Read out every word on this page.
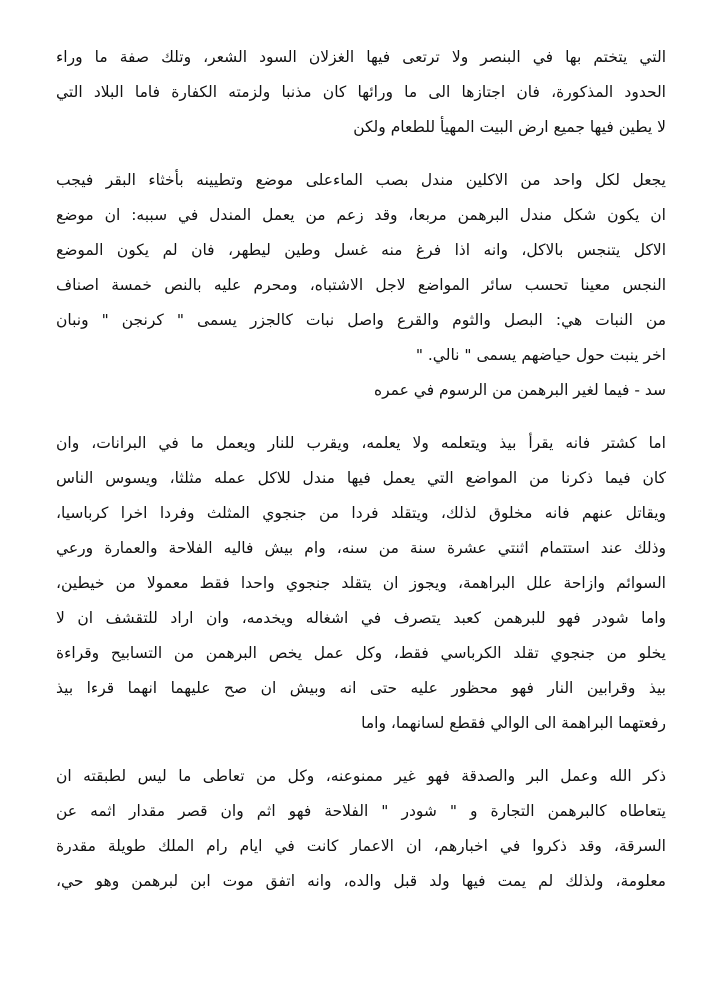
التي يتختم بها في البنصر ولا ترتعى فيها الغزلان السود الشعر، وتلك صفة ما وراء
الحدود المذكورة، فان اجتازها الى ما ورائها كان مذنبا ولزمته الكفارة فاما البلاد التي
لا يطين فيها جميع ارض البيت المهيأ للطعام ولكن
يجعل لكل واحد من الاكلين مندل بصب الماءعلى موضع وتطيينه بأخثاء البقر فيجب
ان يكون شكل مندل البرهمن مربعا، وقد زعم من يعمل المندل في سببه: ان موضع
الاكل يتنجس بالاكل، وانه اذا فرغ منه غسل وطين ليطهر، فان لم يكون الموضع
النجس معينا تحسب سائر المواضع لاجل الاشتباه، ومحرم عليه بالنص خمسة اصناف
من النبات هي: البصل والثوم والقرع واصل نبات كالجزر يسمى " كرنجن " ونبان
اخر ينبت حول حياضهم يسمى " نالي. "
سد - فيما لغير البرهمن من الرسوم في عمره
اما كشتر فانه يقرأ بيذ ويتعلمه ولا يعلمه، ويقرب للنار ويعمل ما في البرانات، وان
كان فيما ذكرنا من المواضع التي يعمل فيها مندل للاكل عمله مثلثا، ويسوس الناس
ويقاتل عنهم فانه مخلوق لذلك، ويتقلد فردا من جنجوي المثلث وفردا اخرا كرباسيا،
وذلك عند استتمام اثنتي عشرة سنة من سنه، وام بيش فاليه الفلاحة والعمارة ورعي
السوائم وازاحة علل البراهمة، ويجوز ان يتقلد جنجوي واحدا فقط معمولا من خيطين،
واما شودر فهو للبرهمن كعبد يتصرف في اشغاله ويخدمه، وان اراد للتقشف ان لا
يخلو من جنجوي تقلد الكرباسي فقط، وكل عمل يخص البرهمن من التسابيح وقراءة
بيذ وقرابين النار فهو محظور عليه حتى انه وبيش ان صح عليهما انهما قرءا بيذ
رفعتهما البراهمة الى الوالي فقطع لسانهما، واما
ذكر الله وعمل البر والصدقة فهو غير ممنوعنه، وكل من تعاطى ما ليس لطبقته ان
يتعاطاه كالبرهمن التجارة و " شودر " الفلاحة فهو اثم وان قصر مقدار اثمه عن
السرقة، وقد ذكروا في اخبارهم، ان الاعمار كانت في ايام رام الملك طويلة مقدرة
معلومة، ولذلك لم يمت فيها ولد قبل والده، وانه اتفق موت ابن لبرهمن وهو حي،
